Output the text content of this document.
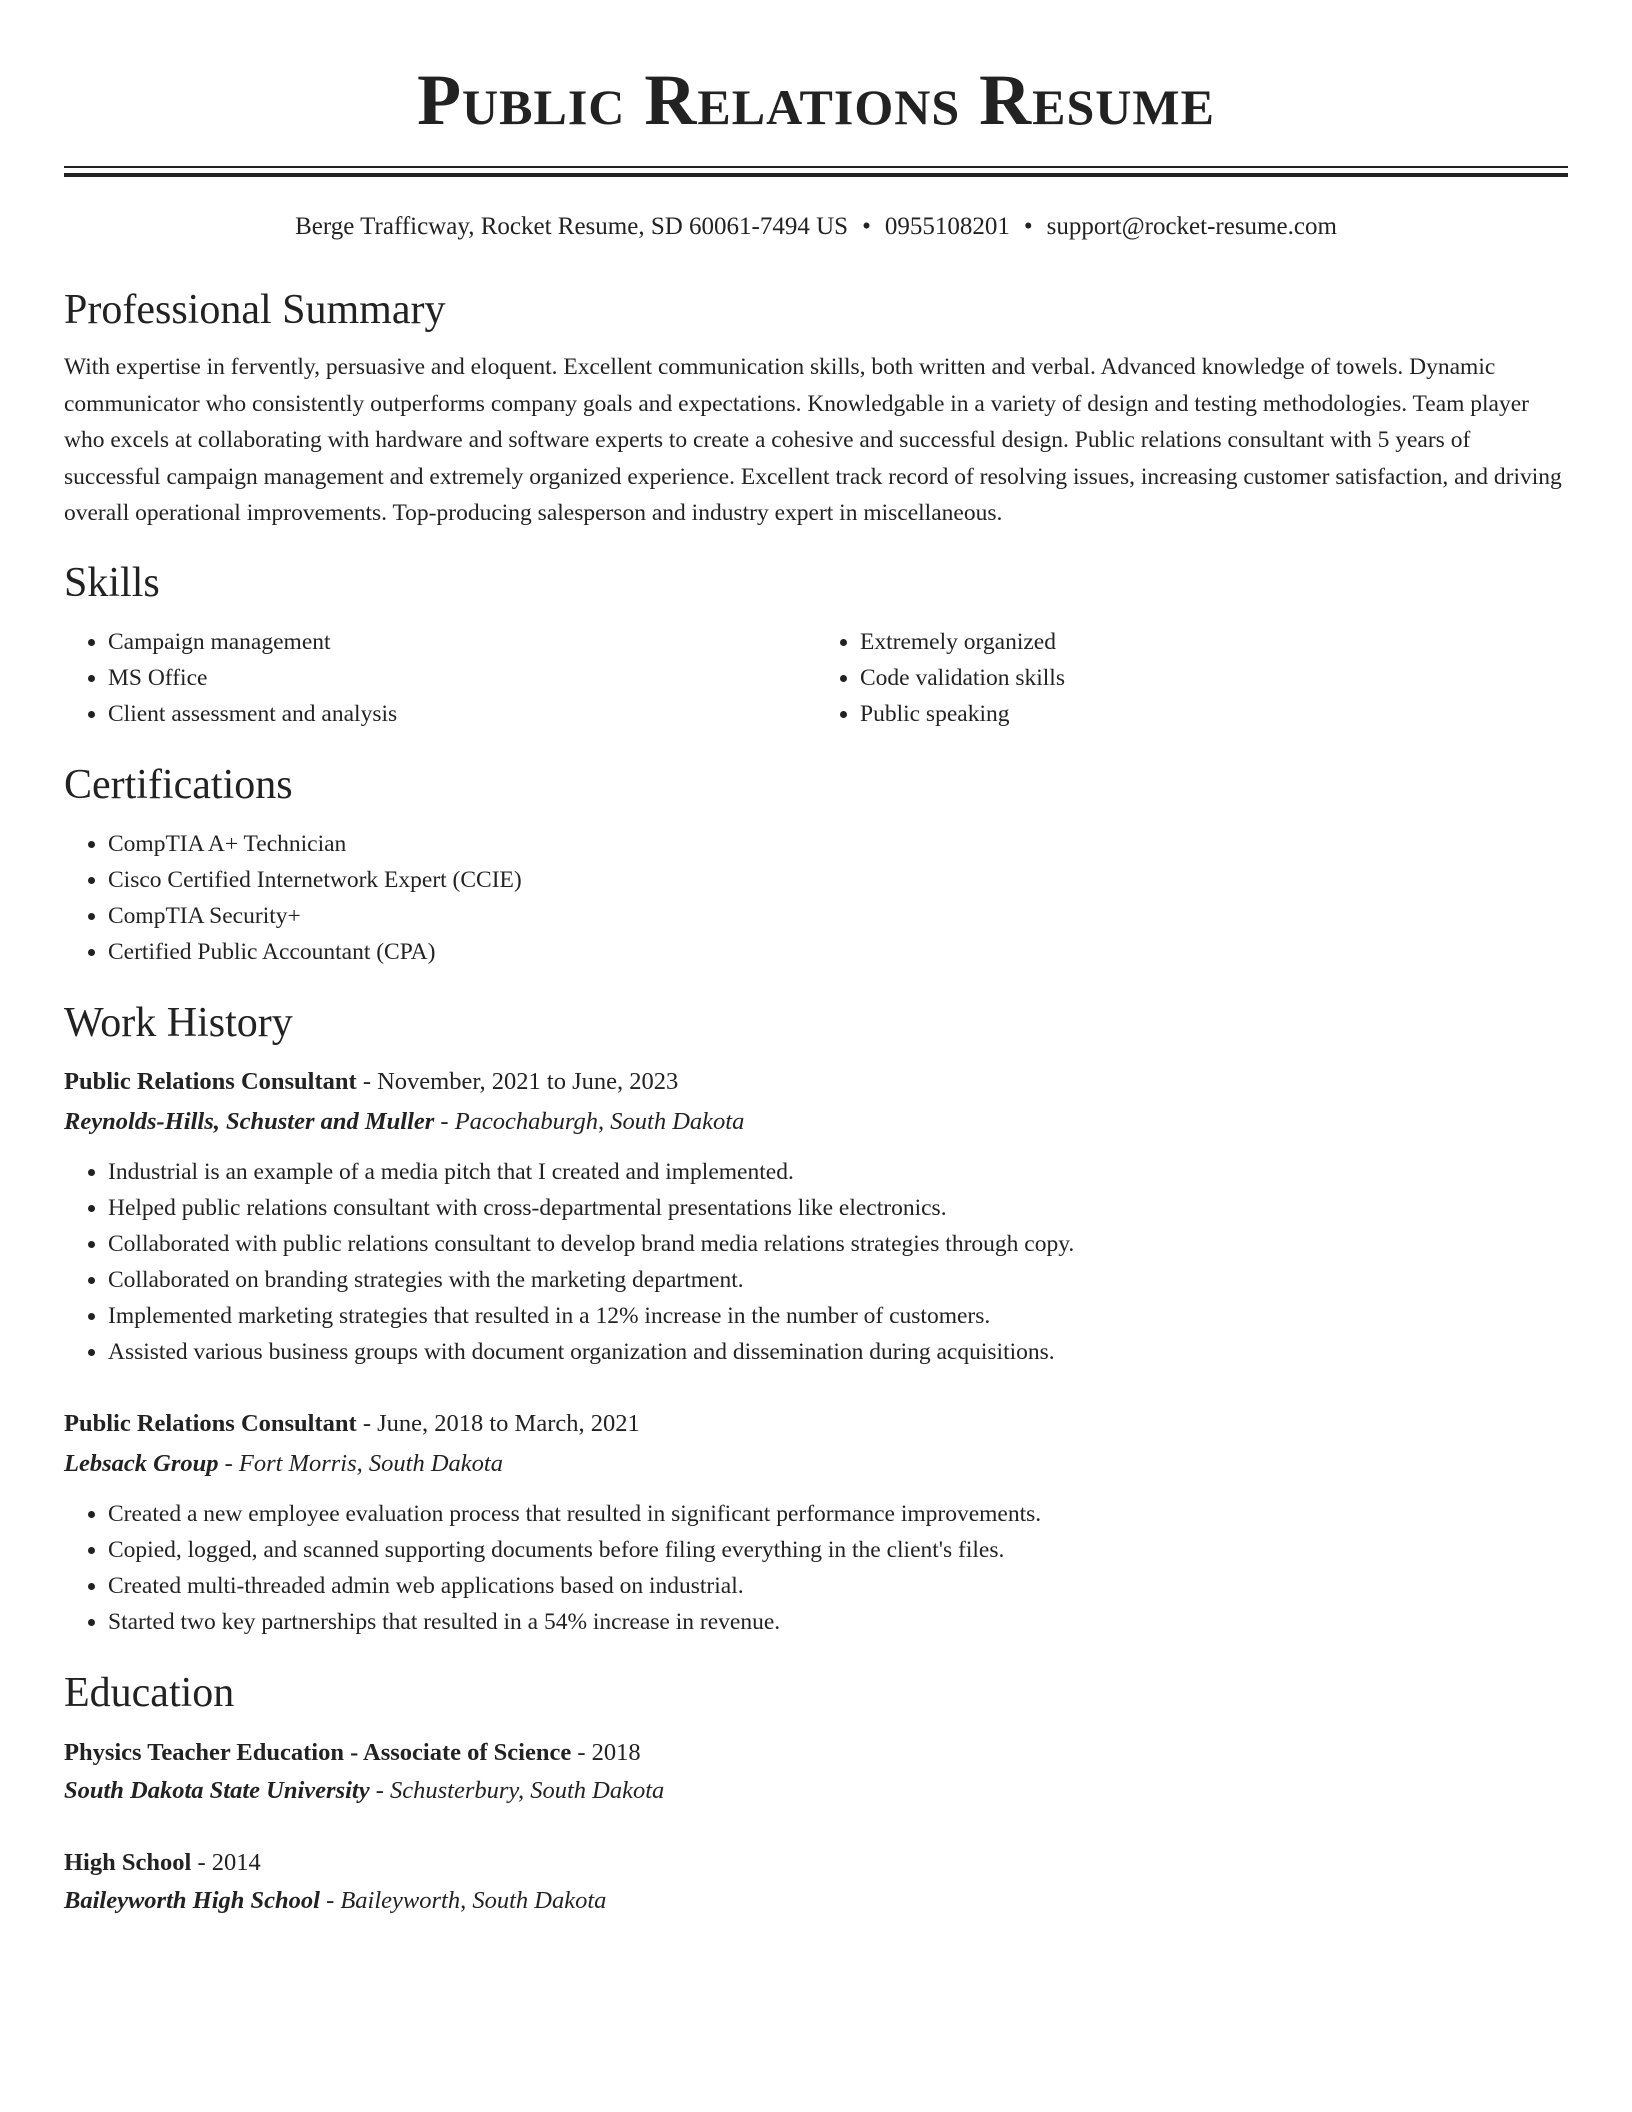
Public Relations Resume
Berge Trafficway, Rocket Resume, SD 60061-7494 US • 0955108201 • support@rocket-resume.com
Professional Summary

With expertise in fervently, persuasive and eloquent. Excellent communication skills, both written and verbal. Advanced knowledge of towels. Dynamic communicator who consistently outperforms company goals and expectations. Knowledgable in a variety of design and testing methodologies. Team player who excels at collaborating with hardware and software experts to create a cohesive and successful design. Public relations consultant with 5 years of successful campaign management and extremely organized experience. Excellent track record of resolving issues, increasing customer satisfaction, and driving overall operational improvements. Top-producing salesperson and industry expert in miscellaneous.

Skills
• Campaign management
• MS Office
• Client assessment and analysis
• Extremely organized
• Code validation skills
• Public speaking
Certifications
• CompTIA A+ Technician
• Cisco Certified Internetwork Expert (CCIE)
• CompTIA Security+
• Certified Public Accountant (CPA)
Work History
Public Relations Consultant - November, 2021 to June, 2023
Reynolds-Hills, Schuster and Muller - Pacochaburgh, South Dakota
• Industrial is an example of a media pitch that I created and implemented.
• Helped public relations consultant with cross-departmental presentations like electronics.
• Collaborated with public relations consultant to develop brand media relations strategies through copy.
• Collaborated on branding strategies with the marketing department.
• Implemented marketing strategies that resulted in a 12% increase in the number of customers.
• Assisted various business groups with document organization and dissemination during acquisitions.
Public Relations Consultant - June, 2018 to March, 2021
Lebsack Group - Fort Morris, South Dakota
• Created a new employee evaluation process that resulted in significant performance improvements.
• Copied, logged, and scanned supporting documents before filing everything in the client's files.
• Created multi-threaded admin web applications based on industrial.
• Started two key partnerships that resulted in a 54% increase in revenue.
Education
Physics Teacher Education - Associate of Science - 2018
South Dakota State University - Schusterbury, South Dakota
High School - 2014
Baileyworth High School - Baileyworth, South Dakota
